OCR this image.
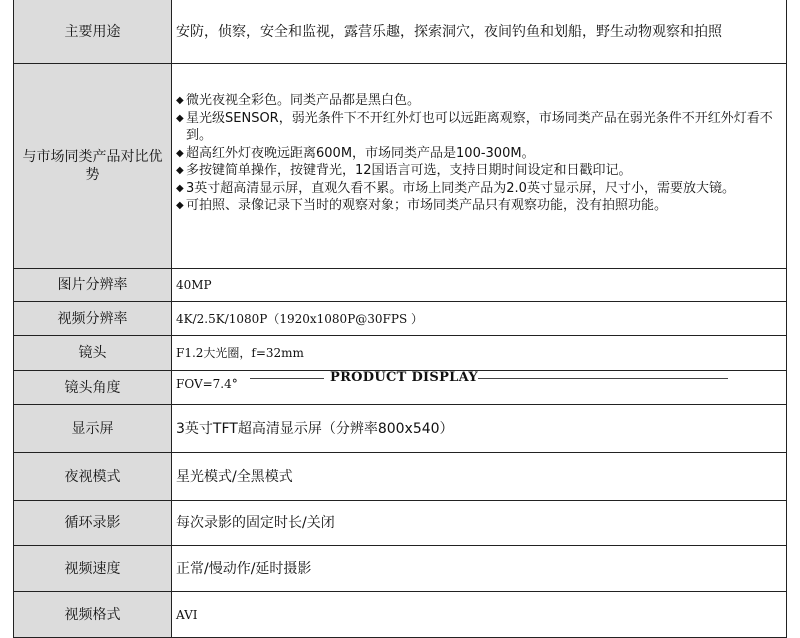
主要用途	安防，侦察，安全和监视，露营乐趣，探索洞穴，夜间钓鱼和划船，野生动物观察和拍照
与市场同类产品对比优势
◆ 微光夜视全彩色。同类产品都是黑白色。
◆ 星光级SENSOR，弱光条件下不开红外灯也可以远距离观察，市场同类产品在弱光条件不开红外灯看不到。
◆ 超高红外灯夜晚远距离600M，市场同类产品是100-300M。
◆ 多按键简单操作，按键背光，12国语言可选，支持日期时间设定和日戳印记。
◆ 3英寸超高清显示屏，直观久看不累。市场上同类产品为2.0英寸显示屏，尺寸小，需要放大镜。
◆ 可拍照、录像记录下当时的观察对象；市场同类产品只有观察功能，没有拍照功能。
图片分辨率	40MP
视频分辨率	4K/2.5K/1080P（1920x1080P@30FPS ）
镜头	F1.2大光圈，f=32mm
镜头角度	FOV=7.4°
显示屏	3英寸TFT超高清显示屏（分辨率800x540）
夜视模式	星光模式/全黑模式
循环录影	每次录影的固定时长/关闭
视频速度	正常/慢动作/延时摄影
视频格式	AVI
PRODUCT DISPLAY
